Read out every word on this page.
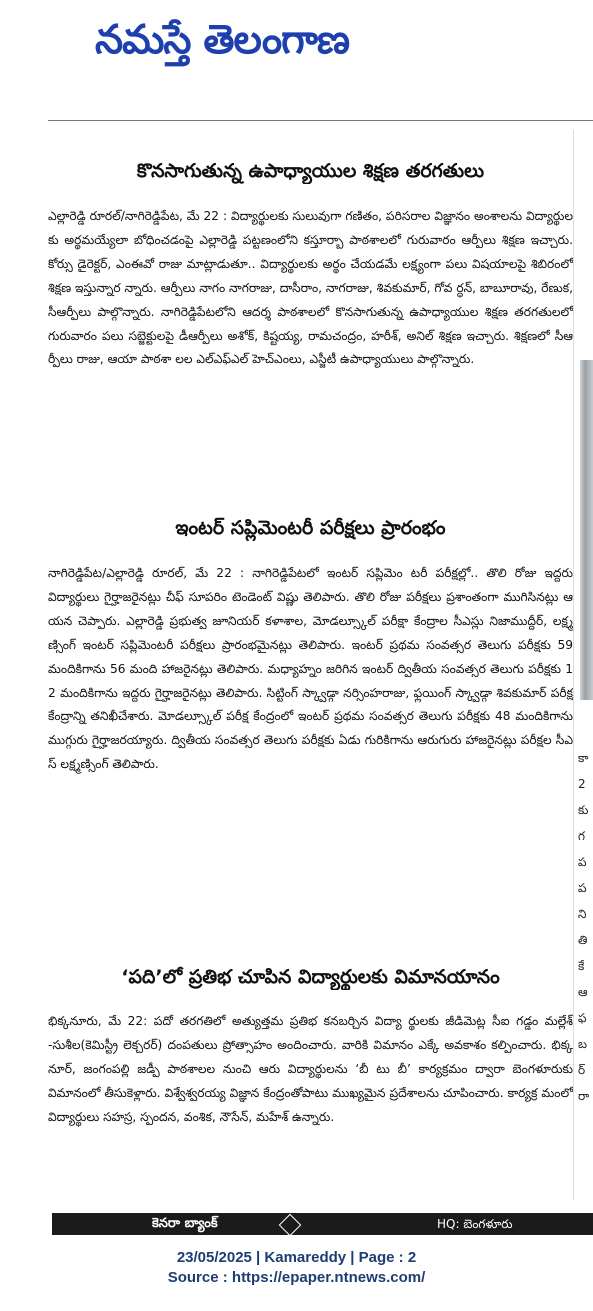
నమస్తే తెలంగాణ
కొనసాగుతున్న ఉపాధ్యాయుల శిక్షణ తరగతులు
ఎల్లారెడ్డి రూరల్/నాగిరెడ్డిపేట, మే 22 : విద్యార్థులకు సులువుగా గణితం, పరిసరాల విజ్ఞానం అంశాలను విద్యార్థులకు అర్థమయ్యేలా బోధించడంపై ఎల్లారెడ్డి పట్టణంలోని కస్తూర్బా పాఠశాలలో గురువారం ఆర్పీలు శిక్షణ ఇచ్చారు. కోర్సు డైరెక్టర్, ఎంఈవో రాజు మాట్లాడుతూ.. విద్యార్థులకు అర్థం చేయడమే లక్ష్యంగా పలు విషయాలపై శిబిరంలో శిక్షణ ఇస్తున్నార న్నారు. ఆర్పీలు నాగం నాగరాజు, దాసీరాం, నాగరాజు, శివకుమార్, గోవ ర్ధన్, బాబూరావు, రేణుక, సీఆర్పీలు పాల్గొన్నారు. నాగిరెడ్డిపేటలోని ఆదర్శ పాఠశాలలో కొనసాగుతున్న ఉపాధ్యాయుల శిక్షణ తరగతులలో గురువారం పలు సబ్జెక్టులపై డీఆర్పీలు అశోక్, కిష్టయ్య, రామచంద్రం, హరీశ్, అనిల్ శిక్షణ ఇచ్చారు. శిక్షణలో సీఆర్పీలు రాజు, ఆయా పాఠశా లల ఎల్ఎఫ్ఎల్ హెచ్ఎంలు, ఎస్జీటీ ఉపాధ్యాయులు పాల్గొన్నారు.
ఇంటర్ సప్లిమెంటరీ పరీక్షలు ప్రారంభం
నాగిరెడ్డిపేట/ఎల్లారెడ్డి రూరల్, మే 22 : నాగిరెడ్డిపేటలో ఇంటర్ సప్లిమెం టరీ పరీక్షల్లో.. తొలి రోజు ఇద్దరు విద్యార్థులు గైర్హాజరైనట్లు చీఫ్ సూపరిం టెండెంట్ విష్ణు తెలిపారు. తొలి రోజు పరీక్షలు ప్రశాంతంగా ముగిసినట్లు ఆయన చెప్పారు. ఎల్లారెడ్డి ప్రభుత్వ జూనియర్ కళాశాల, మోడల్స్కూల్ పరీక్షా కేంద్రాల సీఎస్లు నిజాముద్దీర్, లక్ష్మణ్సింగ్ ఇంటర్ సప్లిమెంటరీ పరీక్షలు ప్రారంభమైనట్లు తెలిపారు. ఇంటర్ ప్రథమ సంవత్సర తెలుగు పరీక్షకు 59 మందికిగాను 56 మంది హాజరైనట్లు తెలిపారు. మధ్యాహ్నం జరిగిన ఇంటర్ ద్వితీయ సంవత్సర తెలుగు పరీక్షకు 12 మందికిగాను ఇద్దరు గైర్హాజరైనట్లు తెలిపారు. సిట్టింగ్ స్క్వాడ్గా నర్సింహరాజు, ఫ్లయింగ్ స్క్వాడ్గా శివకుమార్ పరీక్ష కేంద్రాన్ని తనిఖీచేశారు. మోడల్స్కూల్ పరీక్ష కేంద్రంలో ఇంటర్ ప్రథమ సంవత్సర తెలుగు పరీక్షకు 48 మందికిగాను ముగ్గురు గైర్హాజరయ్యారు. ద్వితీయ సంవత్సర తెలుగు పరీక్షకు ఏడు గురికిగాను ఆరుగురు హాజరైనట్లు పరీక్షల సీఎస్ లక్ష్మణ్సింగ్ తెలిపారు.
‘పది’లో ప్రతిభ చూపిన విద్యార్థులకు విమానయానం
భిక్కనూరు, మే 22: పదో తరగతిలో అత్యుత్తమ ప్రతిభ కనబర్చిన విద్యా ర్థులకు జీడిమెట్ల సీఐ గడ్డం మల్లేశ్ -సుశీల(కెమిస్ట్రీ లెక్చరర్) దంపతులు ప్రోత్సాహం అందించారు. వారికి విమానం ఎక్కే అవకాశం కల్పించారు. భిక్కనూర్, జంగంపల్లి జడ్పీ పాఠశాలల నుంచి ఆరు విద్యార్థులను ‘బీ టు బీ’ కార్యక్రమం ద్వారా బెంగళూరుకు విమానంలో తీసుకెళ్లారు. విశ్వేశ్వరయ్య విజ్ఞాన కేంద్రంతోపాటు ముఖ్యమైన ప్రదేశాలను చూపించారు. కార్యక్ర మంలో విద్యార్థులు సహస్ర, స్పందన, వంశిక, నౌసేన్, మహేశ్ ఉన్నారు.
కా
2
కు
గ
ప
ప
ని
తి
కే
ఆ
ఫ
బ
ర్
రా
కెనరా బ్యాంక్	HQ: బెంగళూరు
23/05/2025 | Kamareddy | Page : 2
Source : https://epaper.ntnews.com/
